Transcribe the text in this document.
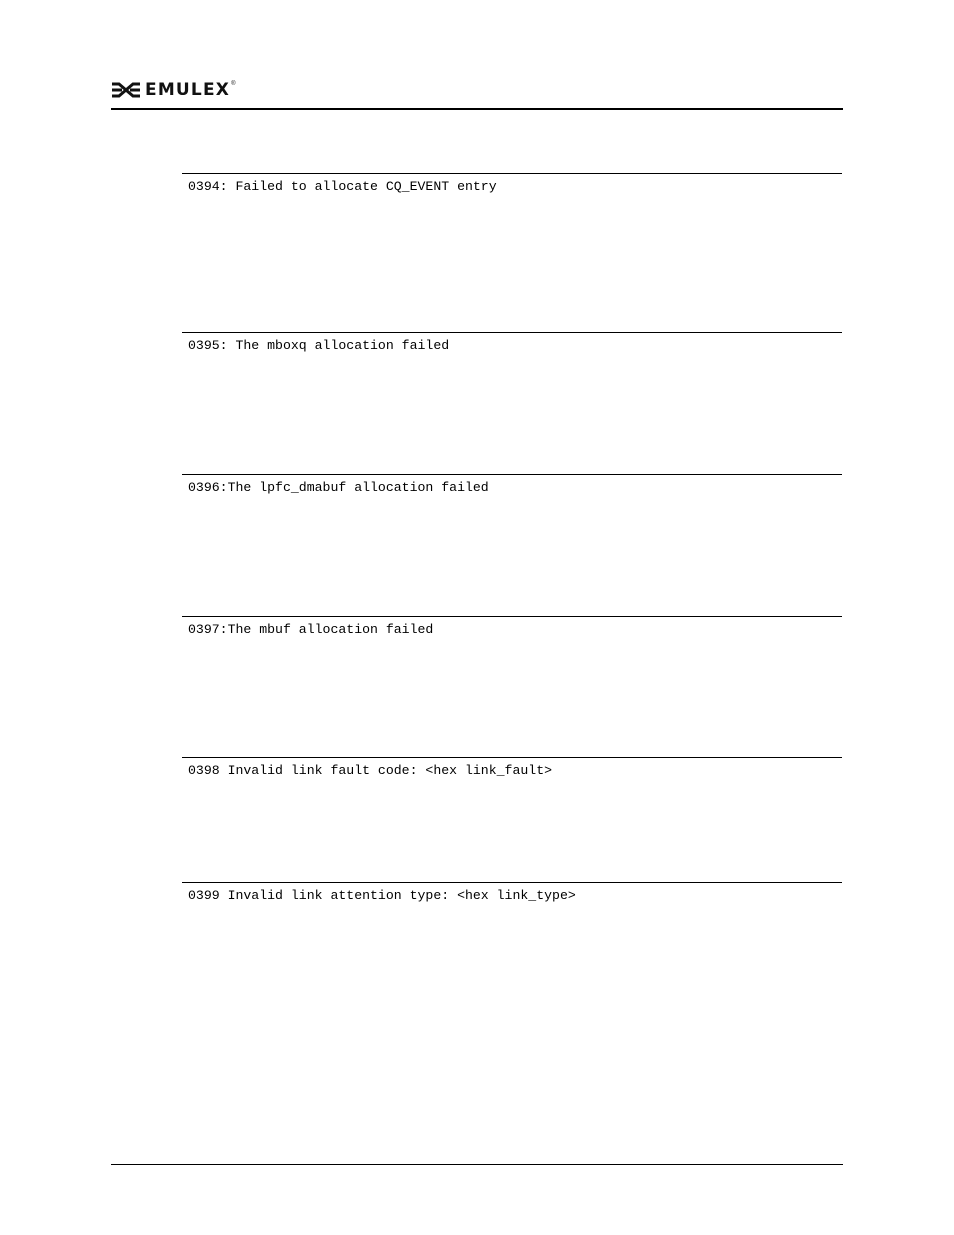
EMULEX ®
0394: Failed to allocate CQ_EVENT entry
0395: The mboxq allocation failed
0396:The lpfc_dmabuf allocation failed
0397:The mbuf allocation failed
0398 Invalid link fault code: <hex link_fault>
0399 Invalid link attention type: <hex link_type>
